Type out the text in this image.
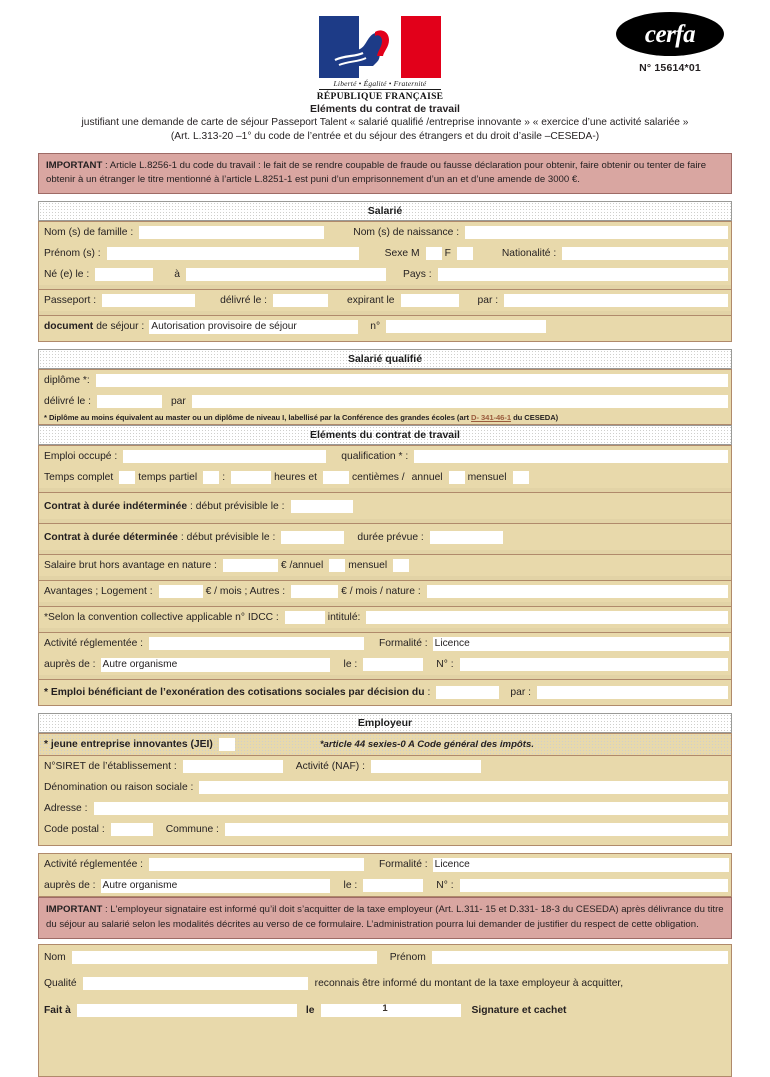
Liberté • Égalité • Fraternité
RÉPUBLIQUE FRANÇAISE
cerfa
N° 15614*01
Eléments du contrat de travail
justifiant une demande de carte de séjour Passeport Talent « salarié qualifié /entreprise innovante » « exercice d’une activité salariée »
(Art. L.313-20 –1° du code de l’entrée et du séjour des étrangers et du droit d’asile –CESEDA-)
IMPORTANT : Article L.8256-1 du code du travail : le fait de se rendre coupable de fraude ou fausse déclaration pour obtenir, faire obtenir ou tenter de faire obtenir à un étranger le titre mentionné à l’article L.8251-1 est puni d’un emprisonnement d’un an et d’une amende de 3000 €.
Salarié
Nom (s) de famille :	Nom (s) de naissance :
Prénom (s) :	Sexe M F	Nationalité :
Né (e) le :	à	Pays :
Passeport :	délivré le :	expirant le	par :
document de séjour : Autorisation provisoire de séjour	n°
Salarié qualifié
diplôme *:
délivré le :	par
* Diplôme au moins équivalent au master ou un diplôme de niveau I, labellisé par la Conférence des grandes écoles (art D- 341-46-1 du CESEDA)
Eléments du contrat de travail
Emploi occupé :	qualification * :
Temps complet temps partiel :	heures et	centièmes / annuel mensuel
Contrat à durée indéterminée : début prévisible le :
Contrat à durée déterminée : début prévisible le :	durée prévue :
Salaire brut hors avantage en nature :	€ /annuel mensuel
Avantages ; Logement :	€ / mois ; Autres :	€ / mois / nature :
*Selon la convention collective applicable n° IDCC :	intitulé:
Activité réglementée :	Formalité : Licence
auprès de : Autre organisme	le :	N° :
* Emploi bénéficiant de l’exonération des cotisations sociales par décision du :	par :
Employeur
* jeune entreprise innovantes (JEI)	*article 44 sexies-0 A Code général des impôts.
N°SIRET de l’établissement :	Activité (NAF) :
Dénomination ou raison sociale :
Adresse :
Code postal :	Commune :
Activité réglementée :	Formalité : Licence
auprès de : Autre organisme	le :	N° :
IMPORTANT : L'employeur signataire est informé qu’il doit s’acquitter de la taxe employeur (Art. L.311- 15 et D.331- 18-3 du CESEDA) après délivrance du titre du séjour au salarié selon les modalités décrites au verso de ce formulaire. L’administration pourra lui demander de justifier du respect de cette obligation.
Nom	Prénom
Qualité	reconnais être informé du montant de la taxe employeur à acquitter,
Fait à	le	Signature et cachet
1
